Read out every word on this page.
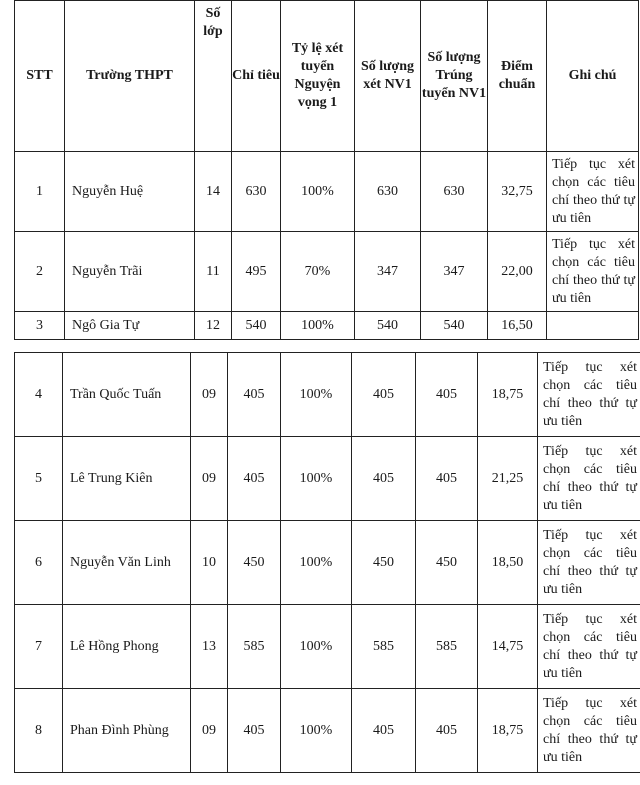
STT	Trường THPT	Số lớp	Chỉ tiêu	Tỷ lệ xét tuyển Nguyện vọng 1	Số lượng xét NV1	Số lượng Trúng tuyển NV1	Điểm chuẩn	Ghi chú
1	Nguyễn Huệ	14	630	100%	630	630	32,75	Tiếp tục xét chọn các tiêu chí theo thứ tự ưu tiên
2	Nguyễn Trãi	11	495	70%	347	347	22,00	Tiếp tục xét chọn các tiêu chí theo thứ tự ưu tiên
3	Ngô Gia Tự	12	540	100%	540	540	16,50	
4	Trần Quốc Tuấn	09	405	100%	405	405	18,75	Tiếp tục xét chọn các tiêu chí theo thứ tự ưu tiên
5	Lê Trung Kiên	09	405	100%	405	405	21,25	Tiếp tục xét chọn các tiêu chí theo thứ tự ưu tiên
6	Nguyễn Văn Linh	10	450	100%	450	450	18,50	Tiếp tục xét chọn các tiêu chí theo thứ tự ưu tiên
7	Lê Hồng Phong	13	585	100%	585	585	14,75	Tiếp tục xét chọn các tiêu chí theo thứ tự ưu tiên
8	Phan Đình Phùng	09	405	100%	405	405	18,75	Tiếp tục xét chọn các tiêu chí theo thứ tự ưu tiên
